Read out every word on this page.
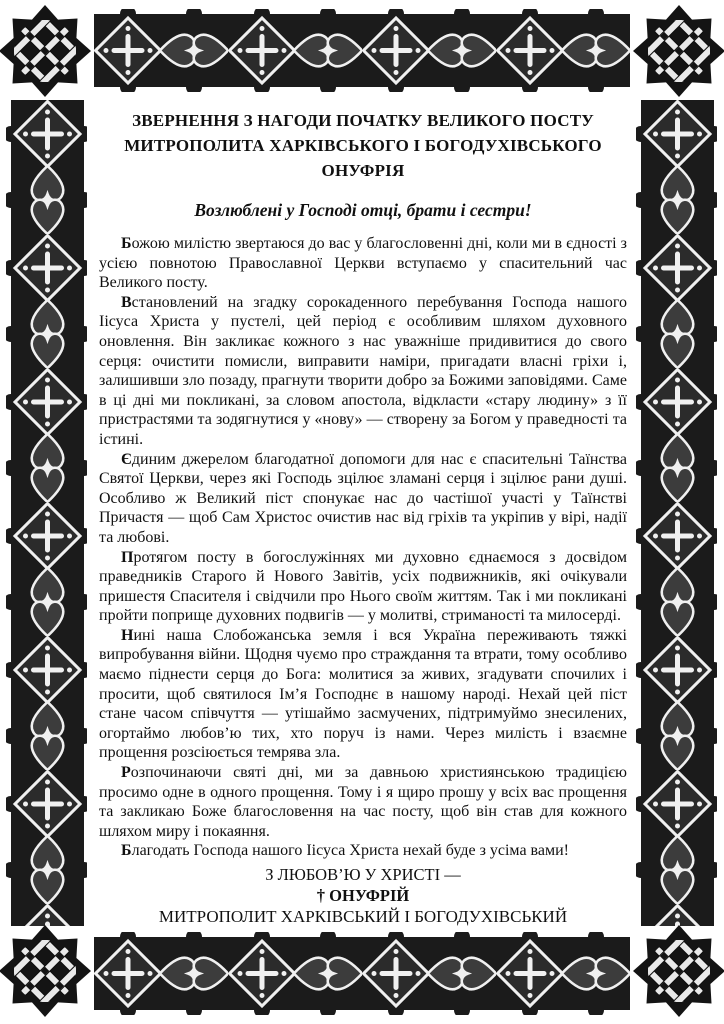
ЗВЕРНЕННЯ З НАГОДИ ПОЧАТКУ ВЕЛИКОГО ПОСТУ МИТРОПОЛИТА ХАРКІВСЬКОГО І БОГОДУХІВСЬКОГО ОНУФРІЯ
Возлюблені у Господі отці, брати і сестри!

Божою милістю звертаюся до вас у благословенні дні, коли ми в єдності з усією повнотою Православної Церкви вступаємо у спасительний час Великого посту.

Встановлений на згадку сорокаденного перебування Господа нашого Іісуса Христа у пустелі, цей період є особливим шляхом духовного оновлення. Він закликає кожного з нас уважніше придивитися до свого серця: очистити помисли, виправити наміри, пригадати власні гріхи і, залишивши зло позаду, прагнути творити добро за Божими заповідями. Саме в ці дні ми покликані, за словом апостола, відкласти «стару людину» з її пристрастями та зодягнутися у «нову» — створену за Богом у праведності та істині.

Єдиним джерелом благодатної допомоги для нас є спасительні Таїнства Святої Церкви, через які Господь зцілює зламані серця і зцілює рани душі. Особливо ж Великий піст спонукає нас до частішої участі у Таїнстві Причастя — щоб Сам Христос очистив нас від гріхів та укріпив у вірі, надії та любові.

Протягом посту в богослужіннях ми духовно єднаємося з досвідом праведників Старого й Нового Завітів, усіх подвижників, які очікували пришестя Спасителя і свідчили про Нього своїм життям. Так і ми покликані пройти поприще духовних подвигів — у молитві, стриманості та милосерді.

Нині наша Слобожанська земля і вся Україна переживають тяжкі випробування війни. Щодня чуємо про страждання та втрати, тому особливо маємо піднести серця до Бога: молитися за живих, згадувати спочилих і просити, щоб святилося Ім’я Господнє в нашому народі. Нехай цей піст стане часом співчуття — утішаймо засмучених, підтримуймо знесилених, огортаймо любов’ю тих, хто поруч із нами. Через милість і взаємне прощення розсіюється темрява зла.

Розпочинаючи святі дні, ми за давньою християнською традицією просимо одне в одного прощення. Тому і я щиро прошу у всіх вас прощення та закликаю Боже благословення на час посту, щоб він став для кожного шляхом миру і покаяння.

Благодать Господа нашого Іісуса Христа нехай буде з усіма вами!

З ЛЮБОВ’Ю У ХРИСТІ —
† ОНУФРІЙ
МИТРОПОЛИТ ХАРКІВСЬКИЙ І БОГОДУХІВСЬКИЙ
